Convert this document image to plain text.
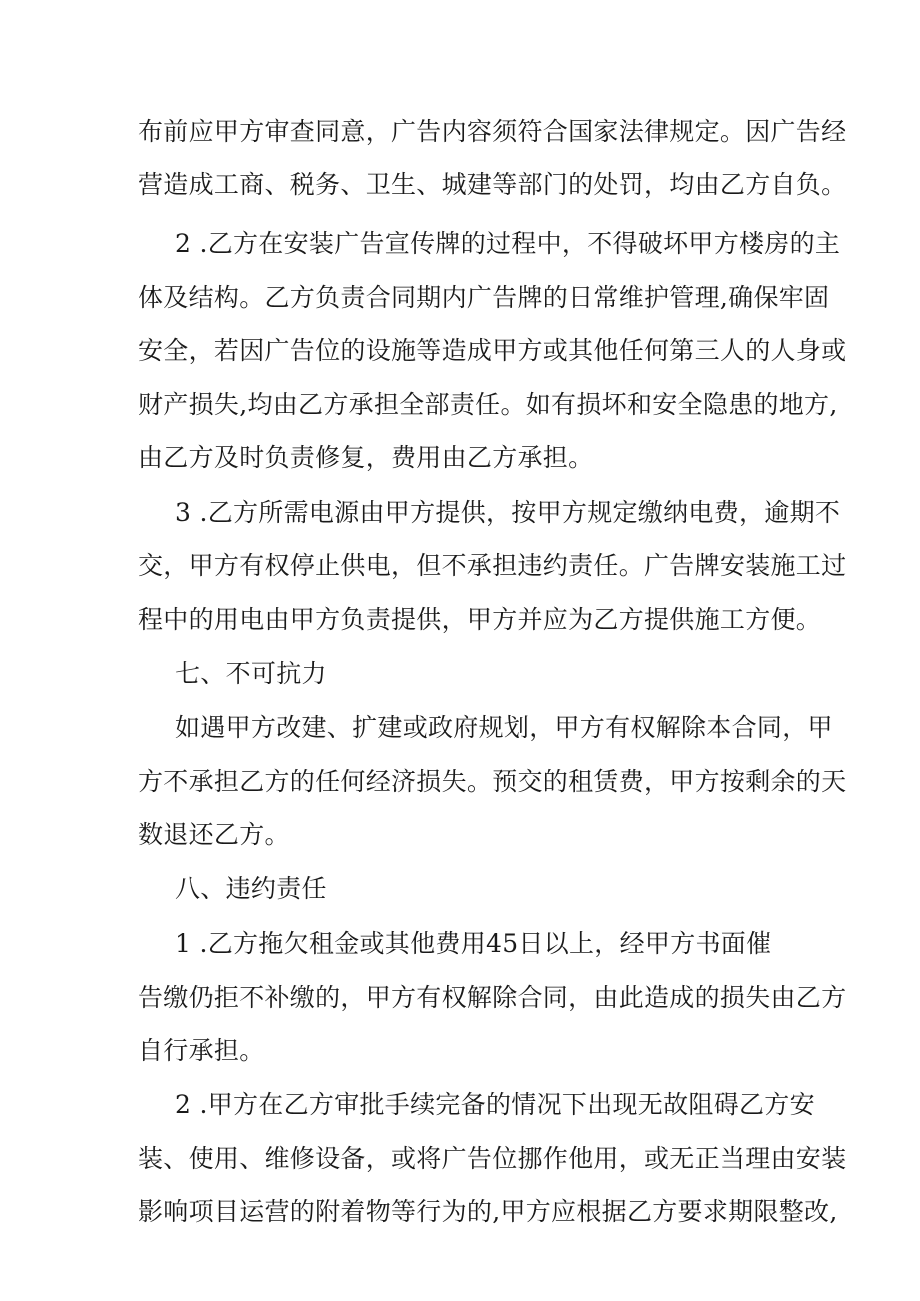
布前应甲方审查同意，广告内容须符合国家法律规定。因广告经
营造成工商、税务、卫生、城建等部门的处罚，均由乙方自负。
2 .乙方在安装广告宣传牌的过程中，不得破坏甲方楼房的主
体及结构。乙方负责合同期内广告牌的日常维护管理,确保牢固
安全，若因广告位的设施等造成甲方或其他任何第三人的人身或
财产损失,均由乙方承担全部责任。如有损坏和安全隐患的地方,
由乙方及时负责修复，费用由乙方承担。
3 .乙方所需电源由甲方提供，按甲方规定缴纳电费，逾期不
交，甲方有权停止供电，但不承担违约责任。广告牌安装施工过
程中的用电由甲方负责提供，甲方并应为乙方提供施工方便。
七、不可抗力
如遇甲方改建、扩建或政府规划，甲方有权解除本合同，甲
方不承担乙方的任何经济损失。预交的租赁费，甲方按剩余的天
数退还乙方。
八、违约责任
1 .乙方拖欠租金或其他费用45日以上，经甲方书面催
告缴仍拒不补缴的，甲方有权解除合同，由此造成的损失由乙方
自行承担。
2 .甲方在乙方审批手续完备的情况下出现无故阻碍乙方安
装、使用、维修设备，或将广告位挪作他用，或无正当理由安装
影响项目运营的附着物等行为的,甲方应根据乙方要求期限整改,
